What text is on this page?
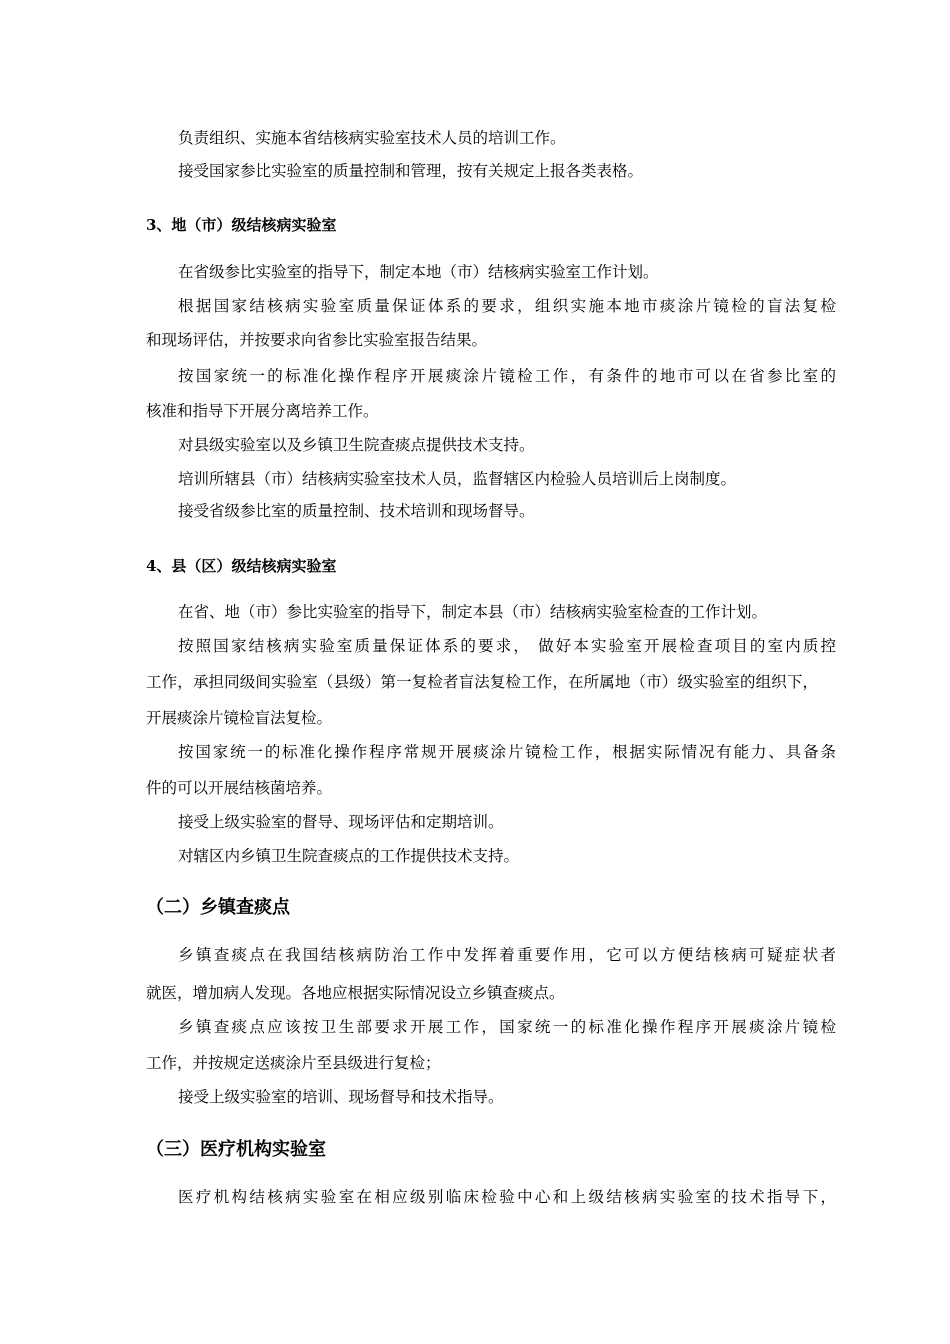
负责组织、实施本省结核病实验室技术人员的培训工作。
接受国家参比实验室的质量控制和管理，按有关规定上报各类表格。
3、地（市）级结核病实验室
在省级参比实验室的指导下，制定本地（市）结核病实验室工作计划。
根据国家结核病实验室质量保证体系的要求，组织实施本地市痰涂片镜检的盲法复检
和现场评估，并按要求向省参比实验室报告结果。
按国家统一的标准化操作程序开展痰涂片镜检工作，有条件的地市可以在省参比室的
核准和指导下开展分离培养工作。
对县级实验室以及乡镇卫生院查痰点提供技术支持。
培训所辖县（市）结核病实验室技术人员，监督辖区内检验人员培训后上岗制度。
接受省级参比室的质量控制、技术培训和现场督导。
4、县（区）级结核病实验室
在省、地（市）参比实验室的指导下，制定本县（市）结核病实验室检查的工作计划。
按照国家结核病实验室质量保证体系的要求， 做好本实验室开展检查项目的室内质控
工作，承担同级间实验室（县级）第一复检者盲法复检工作，在所属地（市）级实验室的组织下，
开展痰涂片镜检盲法复检。
按国家统一的标准化操作程序常规开展痰涂片镜检工作，根据实际情况有能力、具备条
件的可以开展结核菌培养。
接受上级实验室的督导、现场评估和定期培训。
对辖区内乡镇卫生院查痰点的工作提供技术支持。
（二）乡镇查痰点
乡镇查痰点在我国结核病防治工作中发挥着重要作用，它可以方便结核病可疑症状者
就医，增加病人发现。各地应根据实际情况设立乡镇查痰点。
乡镇查痰点应该按卫生部要求开展工作，国家统一的标准化操作程序开展痰涂片镜检
工作，并按规定送痰涂片至县级进行复检；
接受上级实验室的培训、现场督导和技术指导。
（三）医疗机构实验室
医疗机构结核病实验室在相应级别临床检验中心和上级结核病实验室的技术指导下，
